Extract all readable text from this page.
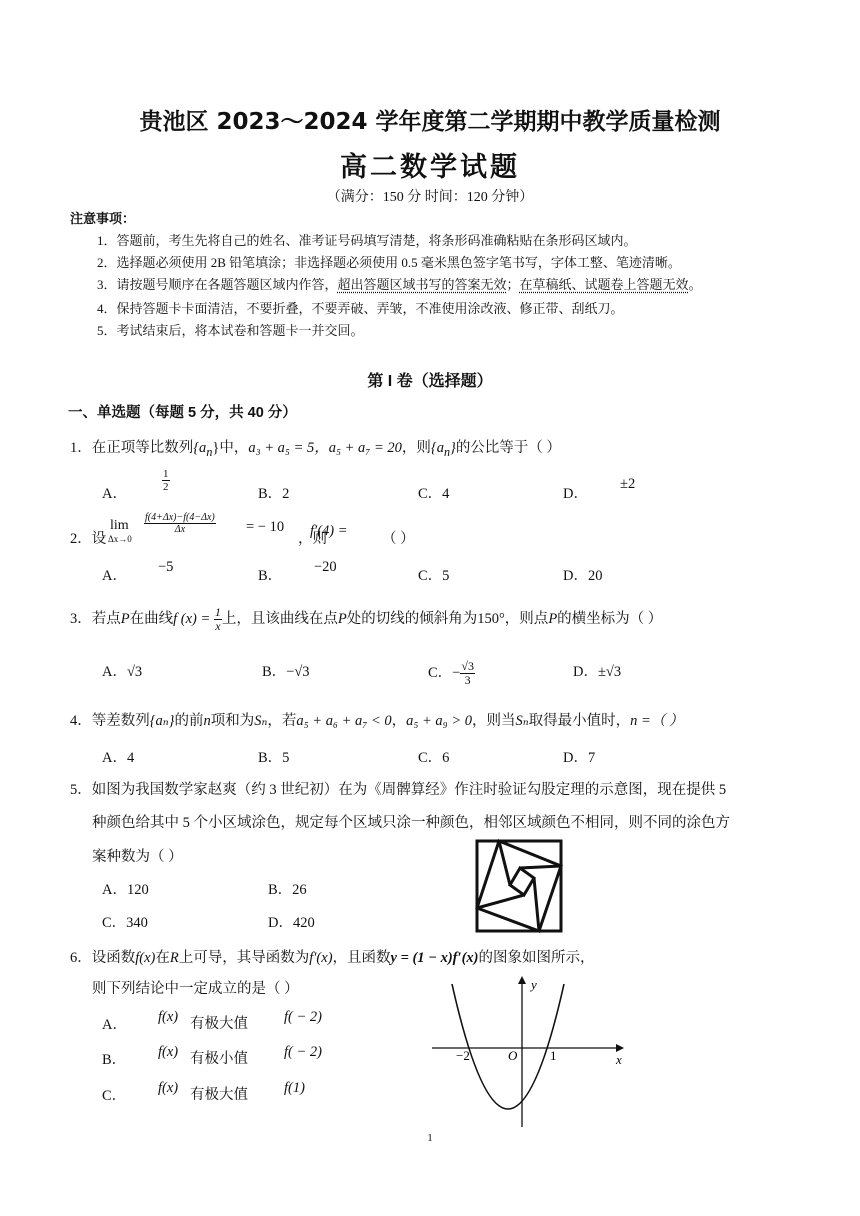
贵池区 2023～2024 学年度第二学期期中教学质量检测
高二数学试题
（满分：150 分 时间：120 分钟）
注意事项：
1．答题前，考生先将自己的姓名、准考证号码填写清楚，将条形码准确粘贴在条形码区域内。
2．选择题必须使用 2B 铅笔填涂；非选择题必须使用 0.5 毫米黑色签字笔书写，字体工整、笔迹清晰。
3．请按题号顺序在各题答题区域内作答，超出答题区域书写的答案无效；在草稿纸、试题卷上答题无效。
4．保持答题卡卡面清洁，不要折叠，不要弄破、弄皱，不准使用涂改液、修正带、刮纸刀。
5．考试结束后，将本试卷和答题卡一并交回。
第 I 卷（选择题）
一、单选题（每题 5 分，共 40 分）
1．在正项等比数列$\{a_n\}$中，a₃ + a₅ = 5，a₅ + a₇ = 20，则$\{a_n\}$的公比等于（ ）
A．
$\frac{1}{2}$
B．2	C．4	D．
±2
2．设
lim
Δx→0
$\frac{f(4+\Delta x)-f(4-\Delta x)}{\Delta x}$ = − 10
，则
f′(4) = （ ）
A．
−5
B．
−20
C．5	D．20
3．若点P在曲线f $(x) = \frac{1}{x}$ 上，且该曲线在点P处的切线的倾斜角为150°，则点P的横坐标为（ ）
A．√3	B．−√3	C．− $\frac{√3}{3}$	D．±√3
4．等差数列{aₙ}的前n项和为Sₙ，若a₅ + a₆ + a₇ < 0，a₅ + a₉ > 0，则当Sₙ取得最小值时，n =（ ）
A．4	B．5	C．6	D．7
5．如图为我国数学家赵爽（约 3 世纪初）在为《周髀算经》作注时验证勾股定理的示意图，现在提供 5
种颜色给其中 5 个小区域涂色，规定每个区域只涂一种颜色，相邻区域颜色不相同，则不同的涂色方
案种数为（ ）
A．120	B．26
C．340	D．420
6．设函数f(x)在R上可导，其导函数为f′(x)，且函数y = (1 − x)f′(x)的图象如图所示，
则下列结论中一定成立的是（ ）
A． f(x) 有极大值 f( − 2)
B． f(x) 有极小值 f( − 2)
C． f(x) 有极大值 f(1)
y
x
O
−2	1
1
